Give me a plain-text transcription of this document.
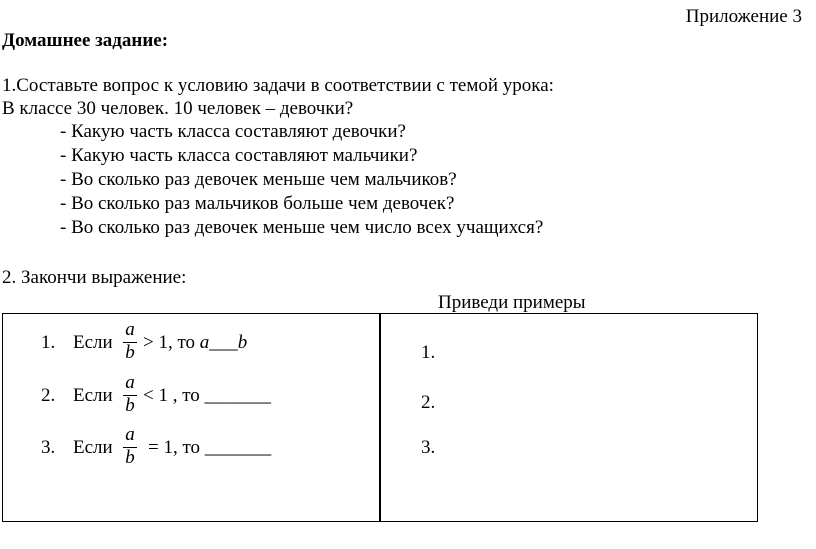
Приложение 3
Домашнее задание:
1.Составьте вопрос к условию задачи в соответствии с темой урока:
В классе 30 человек. 10 человек – девочки?
- Какую часть класса составляют девочки?
- Какую часть класса составляют мальчики?
- Во сколько раз девочек меньше чем мальчиков?
- Во сколько раз мальчиков больше чем девочек?
- Во сколько раз девочек меньше чем число всех учащихся?
2. Закончи выражение:
Приведи примеры
1. Если
a
b > 1, то a___b
2. Если
a
b < 1 , то _______
3. Если
a
b = 1, то _______
1.
2.
3.
